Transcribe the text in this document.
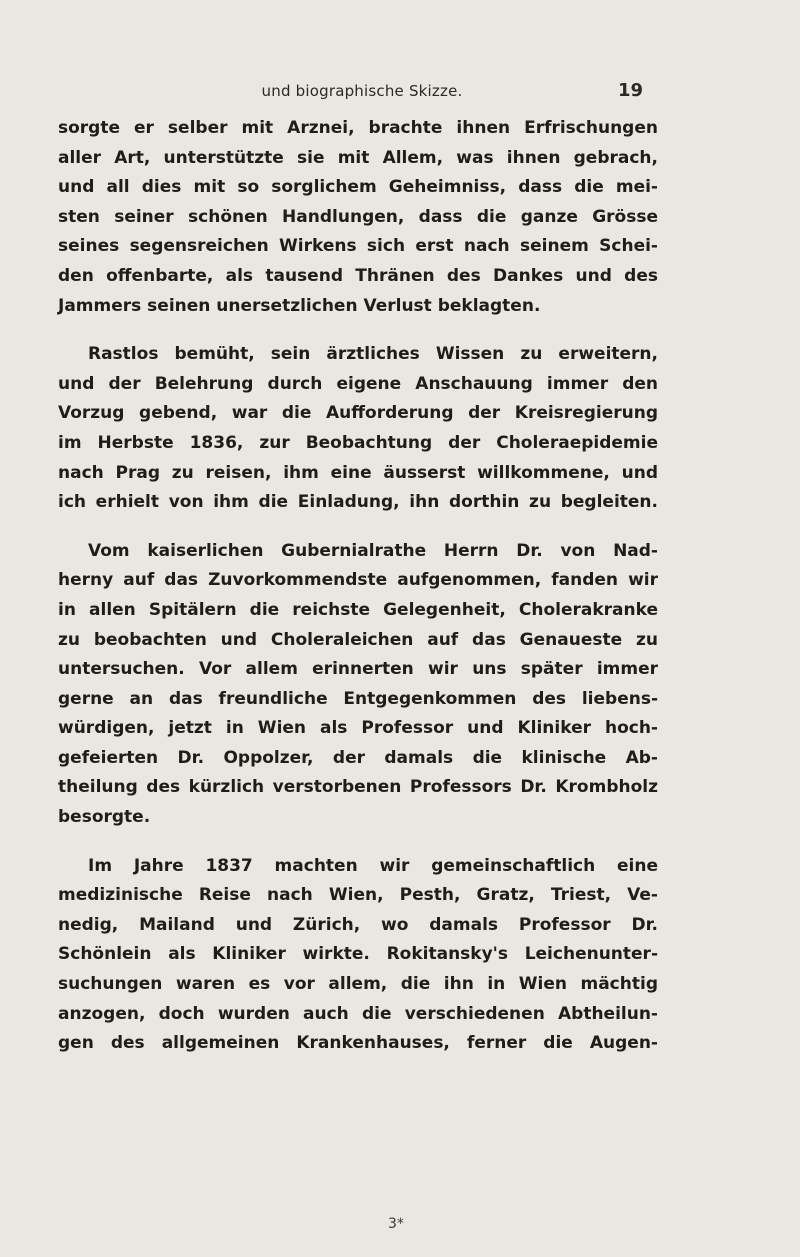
und biographische Skizze.	19
sorgte er selber mit Arznei, brachte ihnen Erfrischungen
aller Art, unterstützte sie mit Allem, was ihnen gebrach,
und all dies mit so sorglichem Geheimniss, dass die mei-
sten seiner schönen Handlungen, dass die ganze Grösse
seines segensreichen Wirkens sich erst nach seinem Schei-
den offenbarte, als tausend Thränen des Dankes und des
Jammers seinen unersetzlichen Verlust beklagten.
Rastlos bemüht, sein ärztliches Wissen zu erweitern,
und der Belehrung durch eigene Anschauung immer den
Vorzug gebend, war die Aufforderung der Kreisregierung
im Herbste 1836, zur Beobachtung der Choleraepidemie
nach Prag zu reisen, ihm eine äusserst willkommene, und
ich erhielt von ihm die Einladung, ihn dorthin zu begleiten.
Vom kaiserlichen Gubernialrathe Herrn Dr. von Nad-
herny auf das Zuvorkommendste aufgenommen, fanden wir
in allen Spitälern die reichste Gelegenheit, Cholerakranke
zu beobachten und Choleraleichen auf das Genaueste zu
untersuchen. Vor allem erinnerten wir uns später immer
gerne an das freundliche Entgegenkommen des liebens-
würdigen, jetzt in Wien als Professor und Kliniker hoch-
gefeierten Dr. Oppolzer, der damals die klinische Ab-
theilung des kürzlich verstorbenen Professors Dr. Krombholz
besorgte.
Im Jahre 1837 machten wir gemeinschaftlich eine
medizinische Reise nach Wien, Pesth, Gratz, Triest, Ve-
nedig, Mailand und Zürich, wo damals Professor Dr.
Schönlein als Kliniker wirkte. Rokitansky's Leichenunter-
suchungen waren es vor allem, die ihn in Wien mächtig
anzogen, doch wurden auch die verschiedenen Abtheilun-
gen des allgemeinen Krankenhauses, ferner die Augen-
3*
